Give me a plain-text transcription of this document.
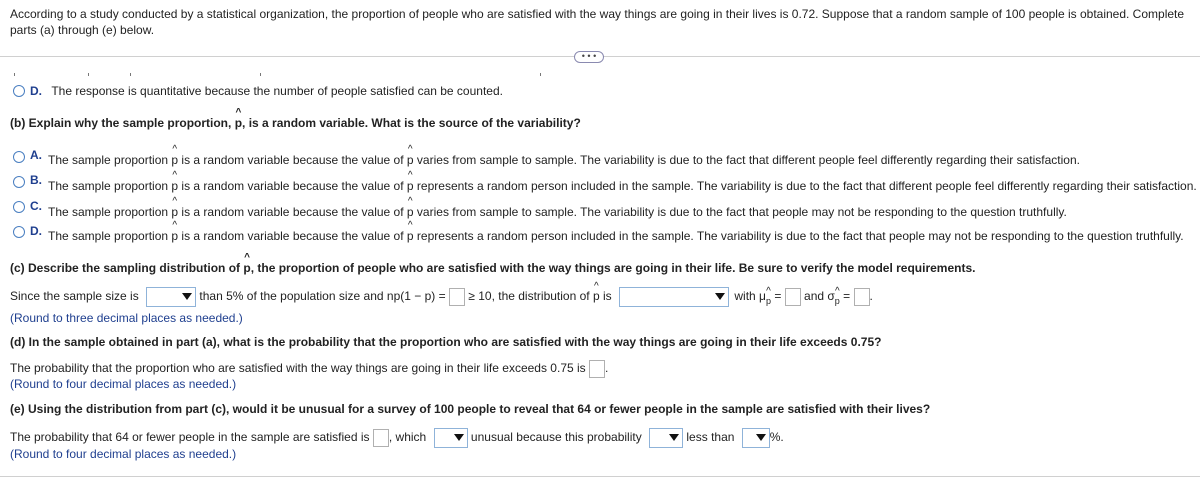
According to a study conducted by a statistical organization, the proportion of people who are satisfied with the way things are going in their lives is 0.72. Suppose that a random sample of 100 people is obtained. Complete parts (a) through (e) below.
• • •
D. The response is quantitative because the number of people satisfied can be counted.
(b) Explain why the sample proportion, ^ p, is a random variable. What is the source of the variability?
A. The sample proportion ^ p is a random variable because the value of ^ p varies from sample to sample. The variability is due to the fact that different people feel differently regarding their satisfaction.
B. The sample proportion ^ p is a random variable because the value of ^ p represents a random person included in the sample. The variability is due to the fact that different people feel differently regarding their satisfaction.
C. The sample proportion ^ p is a random variable because the value of ^ p varies from sample to sample. The variability is due to the fact that people may not be responding to the question truthfully.
D. The sample proportion ^ p is a random variable because the value of ^ p represents a random person included in the sample. The variability is due to the fact that people may not be responding to the question truthfully.
(c) Describe the sampling distribution of ^ p, the proportion of people who are satisfied with the way things are going in their life. Be sure to verify the model requirements.
Since the sample size is	than 5% of the population size and np(1 − p) = ≥ 10, the distribution of ^ p is	with μ^ p = and σ^ p = .
(Round to three decimal places as needed.)
(d) In the sample obtained in part (a), what is the probability that the proportion who are satisfied with the way things are going in their life exceeds 0.75?
The probability that the proportion who are satisfied with the way things are going in their life exceeds 0.75 is .
(Round to four decimal places as needed.)
(e) Using the distribution from part (c), would it be unusual for a survey of 100 people to reveal that 64 or fewer people in the sample are satisfied with their lives?
The probability that 64 or fewer people in the sample are satisfied is , which	unusual because this probability	less than	%.
(Round to four decimal places as needed.)
